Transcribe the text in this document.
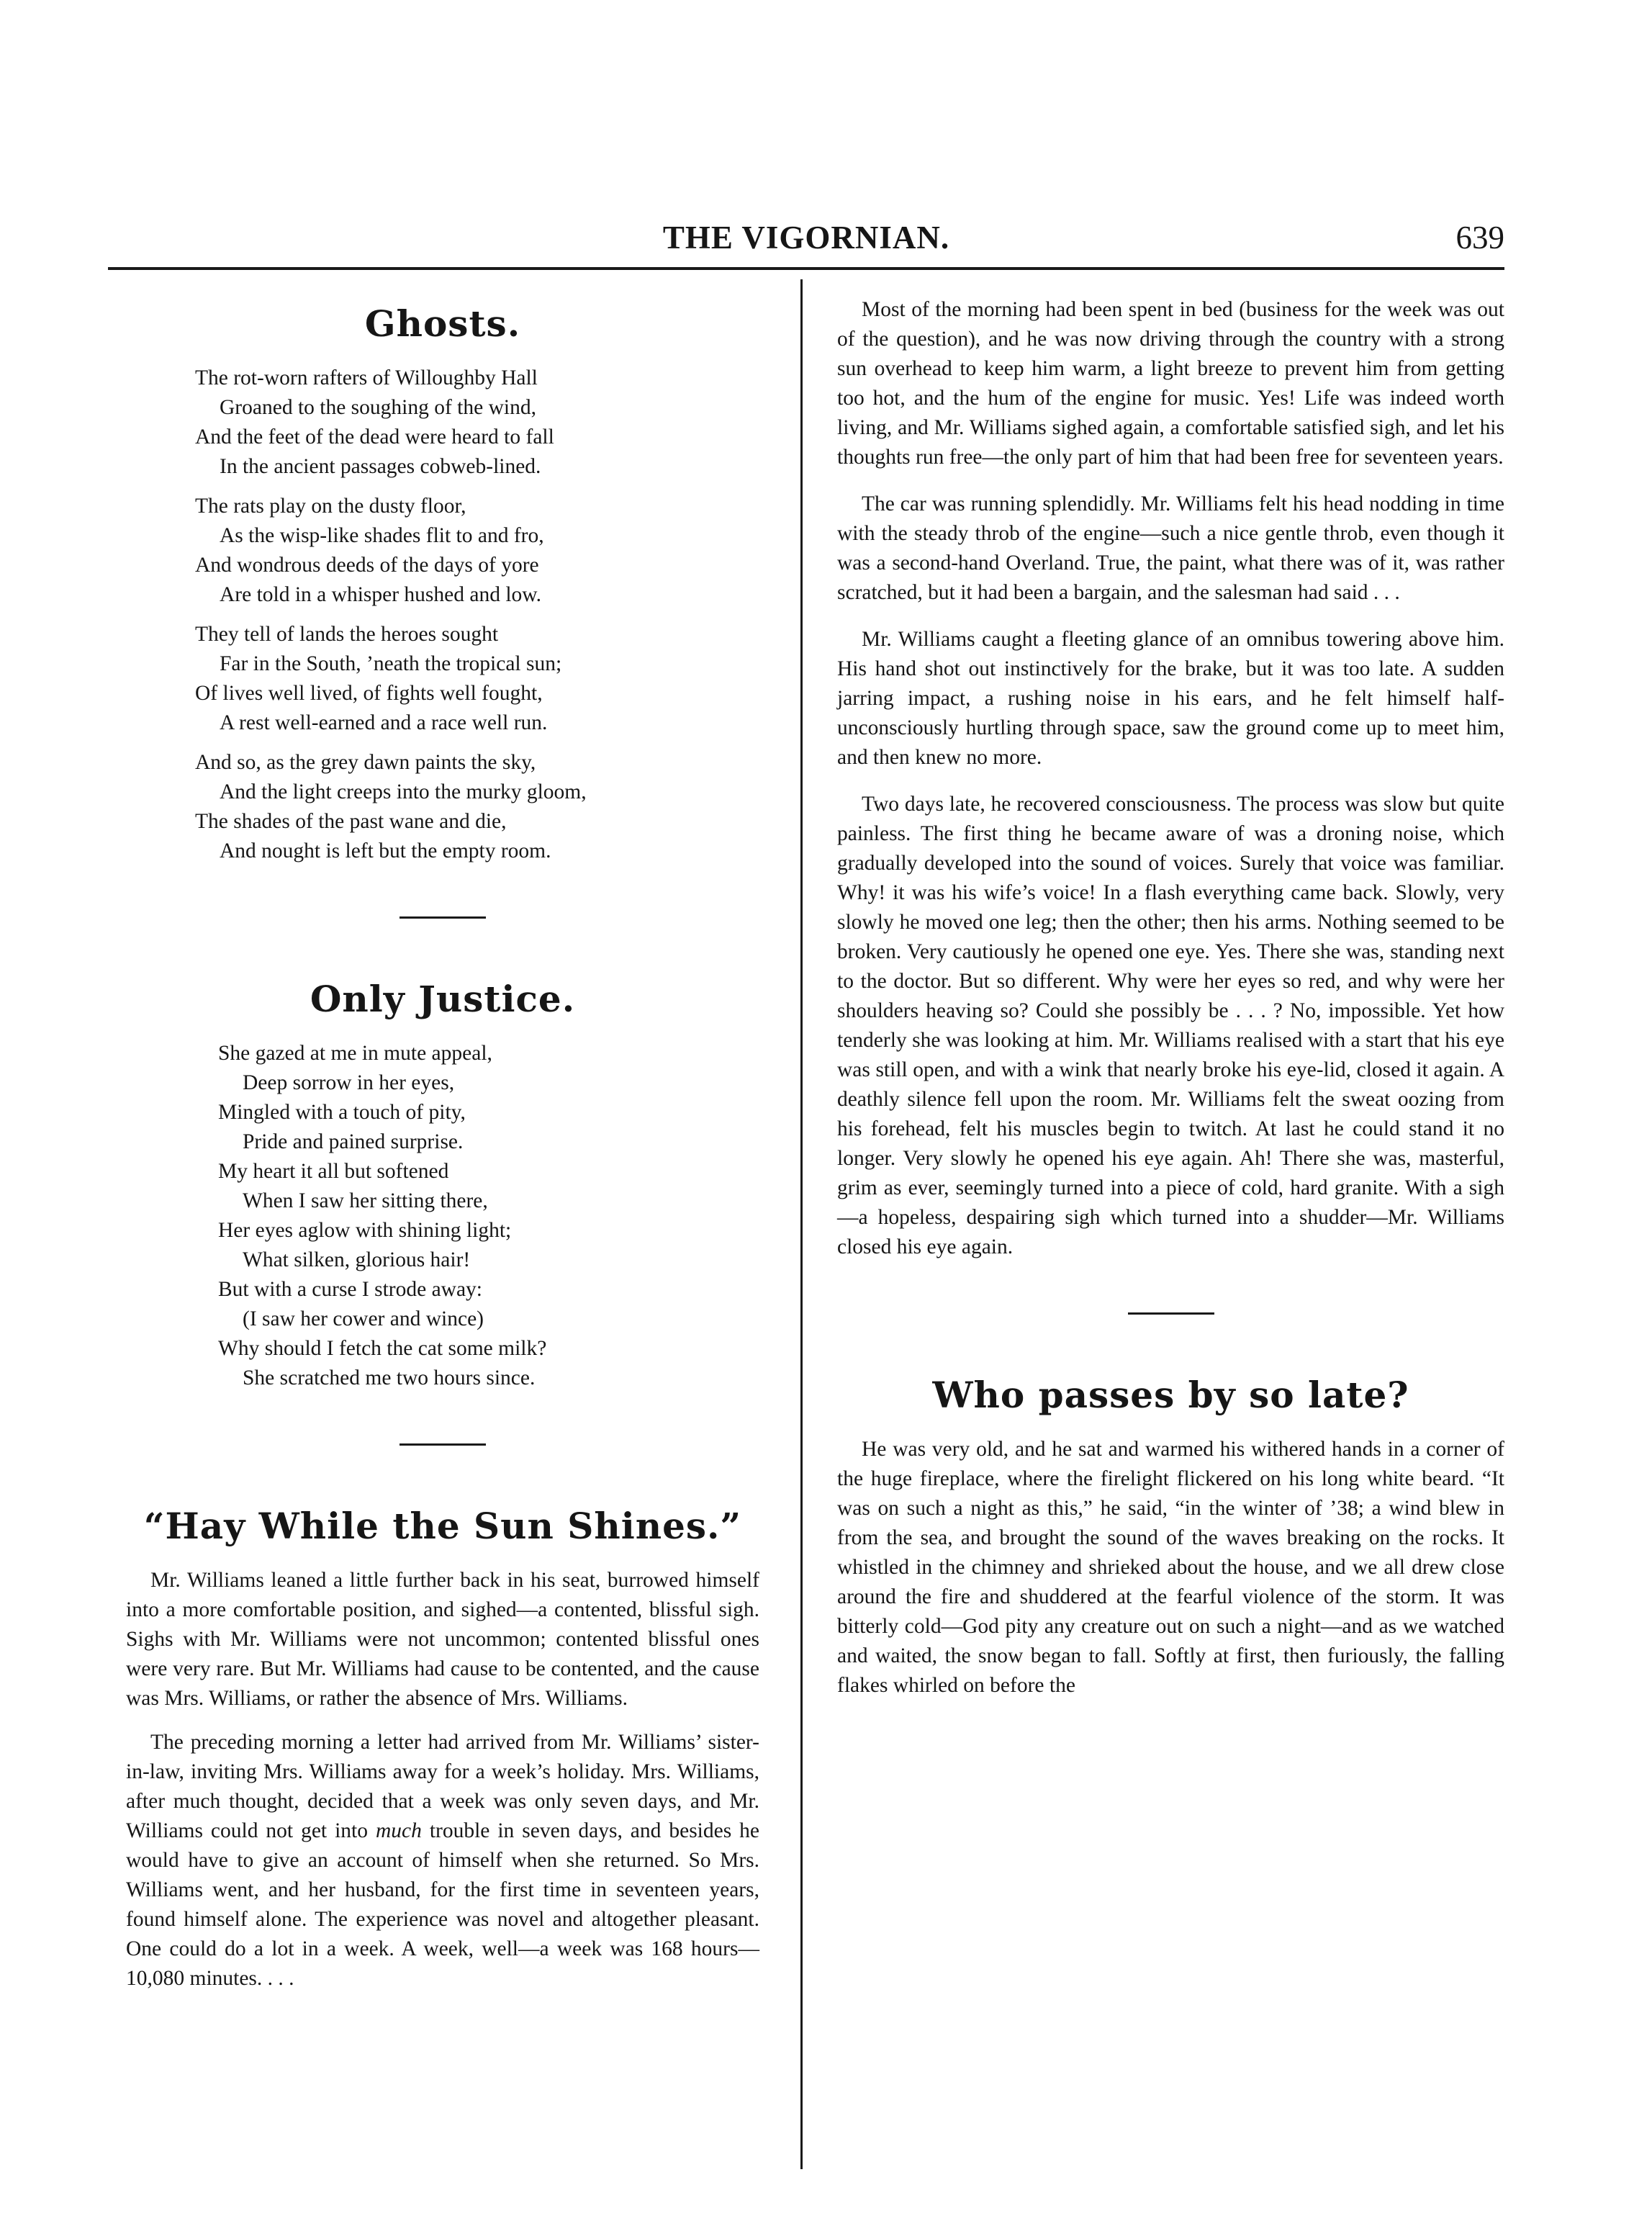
THE VIGORNIAN.	639
Ghosts.
The rot-worn rafters of Willoughby Hall
Groaned to the soughing of the wind,
And the feet of the dead were heard to fall
In the ancient passages cobweb-lined.
The rats play on the dusty floor,
As the wisp-like shades flit to and fro,
And wondrous deeds of the days of yore
Are told in a whisper hushed and low.
They tell of lands the heroes sought
Far in the South, ’neath the tropical sun;
Of lives well lived, of fights well fought,
A rest well-earned and a race well run.
And so, as the grey dawn paints the sky,
And the light creeps into the murky gloom,
The shades of the past wane and die,
And nought is left but the empty room.
Only Justice.
She gazed at me in mute appeal,
Deep sorrow in her eyes,
Mingled with a touch of pity,
Pride and pained surprise.
My heart it all but softened
When I saw her sitting there,
Her eyes aglow with shining light;
What silken, glorious hair!
But with a curse I strode away:
(I saw her cower and wince)
Why should I fetch the cat some milk?
She scratched me two hours since.
“Hay While the Sun Shines.”

Mr. Williams leaned a little further back in his seat, burrowed himself into a more comfortable position, and sighed—a contented, blissful sigh. Sighs with Mr. Williams were not uncommon; contented blissful ones were very rare. But Mr. Williams had cause to be contented, and the cause was Mrs. Williams, or rather the absence of Mrs. Williams.

The preceding morning a letter had arrived from Mr. Williams’ sister-in-law, inviting Mrs. Williams away for a week’s holiday. Mrs. Williams, after much thought, decided that a week was only seven days, and Mr. Williams could not get into much trouble in seven days, and besides he would have to give an account of himself when she returned. So Mrs. Williams went, and her husband, for the first time in seventeen years, found himself alone. The experience was novel and altogether pleasant. One could do a lot in a week. A week, well—a week was 168 hours—10,080 minutes. . . .

Most of the morning had been spent in bed (business for the week was out of the question), and he was now driving through the country with a strong sun overhead to keep him warm, a light breeze to prevent him from getting too hot, and the hum of the engine for music. Yes! Life was indeed worth living, and Mr. Williams sighed again, a comfortable satisfied sigh, and let his thoughts run free—the only part of him that had been free for seventeen years.

The car was running splendidly. Mr. Williams felt his head nodding in time with the steady throb of the engine—such a nice gentle throb, even though it was a second-hand Overland. True, the paint, what there was of it, was rather scratched, but it had been a bargain, and the salesman had said . . .

Mr. Williams caught a fleeting glance of an omnibus towering above him. His hand shot out instinctively for the brake, but it was too late. A sudden jarring impact, a rushing noise in his ears, and he felt himself half-unconsciously hurtling through space, saw the ground come up to meet him, and then knew no more.

Two days late, he recovered consciousness. The process was slow but quite painless. The first thing he became aware of was a droning noise, which gradually developed into the sound of voices. Surely that voice was familiar. Why! it was his wife’s voice! In a flash everything came back. Slowly, very slowly he moved one leg; then the other; then his arms. Nothing seemed to be broken. Very cautiously he opened one eye. Yes. There she was, standing next to the doctor. But so different. Why were her eyes so red, and why were her shoulders heaving so? Could she possibly be . . . ? No, impossible. Yet how tenderly she was looking at him. Mr. Williams realised with a start that his eye was still open, and with a wink that nearly broke his eye-lid, closed it again. A deathly silence fell upon the room. Mr. Williams felt the sweat oozing from his forehead, felt his muscles begin to twitch. At last he could stand it no longer. Very slowly he opened his eye again. Ah! There she was, masterful, grim as ever, seemingly turned into a piece of cold, hard granite. With a sigh—a hopeless, despairing sigh which turned into a shudder—Mr. Williams closed his eye again.

Who passes by so late?

He was very old, and he sat and warmed his withered hands in a corner of the huge fireplace, where the firelight flickered on his long white beard. “It was on such a night as this,” he said, “in the winter of ’38; a wind blew in from the sea, and brought the sound of the waves breaking on the rocks. It whistled in the chimney and shrieked about the house, and we all drew close around the fire and shuddered at the fearful violence of the storm. It was bitterly cold—God pity any creature out on such a night—and as we watched and waited, the snow began to fall. Softly at first, then furiously, the falling flakes whirled on before the
